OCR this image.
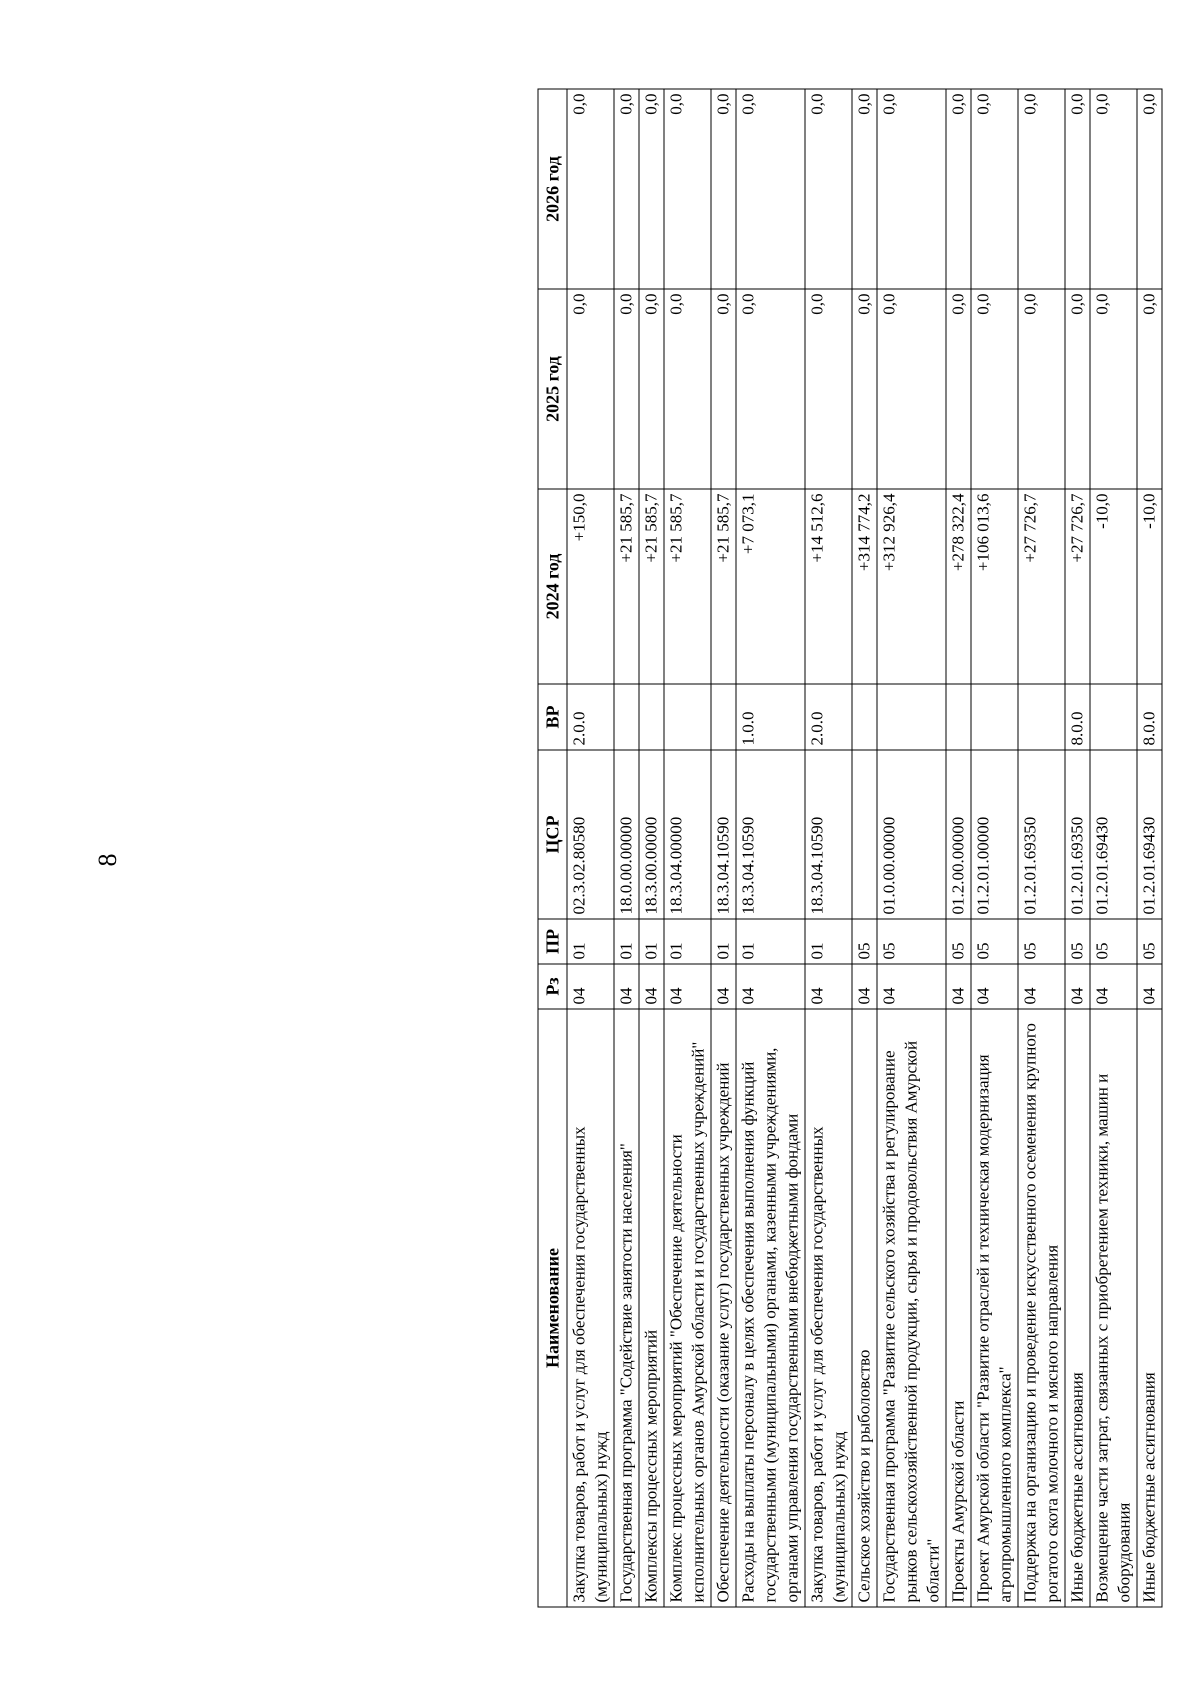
8
Наименование	Рз	ПР	ЦСР	ВР	2024 год	2025 год	2026 год
Закупка товаров, работ и услуг для обеспечения государственных (муниципальных) нужд	04	01	02.3.02.80580	2.0.0	+150,0	0,0	0,0
Государственная программа "Содействие занятости населения"	04	01	18.0.00.00000		+21 585,7	0,0	0,0
Комплексы процессных мероприятий	04	01	18.3.00.00000		+21 585,7	0,0	0,0
Комплекс процессных мероприятий "Обеспечение деятельности исполнительных органов Амурской области и государственных учреждений"	04	01	18.3.04.00000		+21 585,7	0,0	0,0
Обеспечение деятельности (оказание услуг) государственных учреждений	04	01	18.3.04.10590		+21 585,7	0,0	0,0
Расходы на выплаты персоналу в целях обеспечения выполнения функций государственными (муниципальными) органами, казенными учреждениями, органами управления государственными внебюджетными фондами	04	01	18.3.04.10590	1.0.0	+7 073,1	0,0	0,0
Закупка товаров, работ и услуг для обеспечения государственных (муниципальных) нужд	04	01	18.3.04.10590	2.0.0	+14 512,6	0,0	0,0
Сельское хозяйство и рыболовство	04	05			+314 774,2	0,0	0,0
Государственная программа "Развитие сельского хозяйства и регулирование рынков сельскохозяйственной продукции, сырья и продовольствия Амурской области"	04	05	01.0.00.00000		+312 926,4	0,0	0,0
Проекты Амурской области	04	05	01.2.00.00000		+278 322,4	0,0	0,0
Проект Амурской области "Развитие отраслей и техническая модернизация агропромышленного комплекса"	04	05	01.2.01.00000		+106 013,6	0,0	0,0
Поддержка на организацию и проведение искусственного осеменения крупного рогатого скота молочного и мясного направления	04	05	01.2.01.69350		+27 726,7	0,0	0,0
Иные бюджетные ассигнования	04	05	01.2.01.69350	8.0.0	+27 726,7	0,0	0,0
Возмещение части затрат, связанных с приобретением техники, машин и оборудования	04	05	01.2.01.69430		-10,0	0,0	0,0
Иные бюджетные ассигнования	04	05	01.2.01.69430	8.0.0	-10,0	0,0	0,0
